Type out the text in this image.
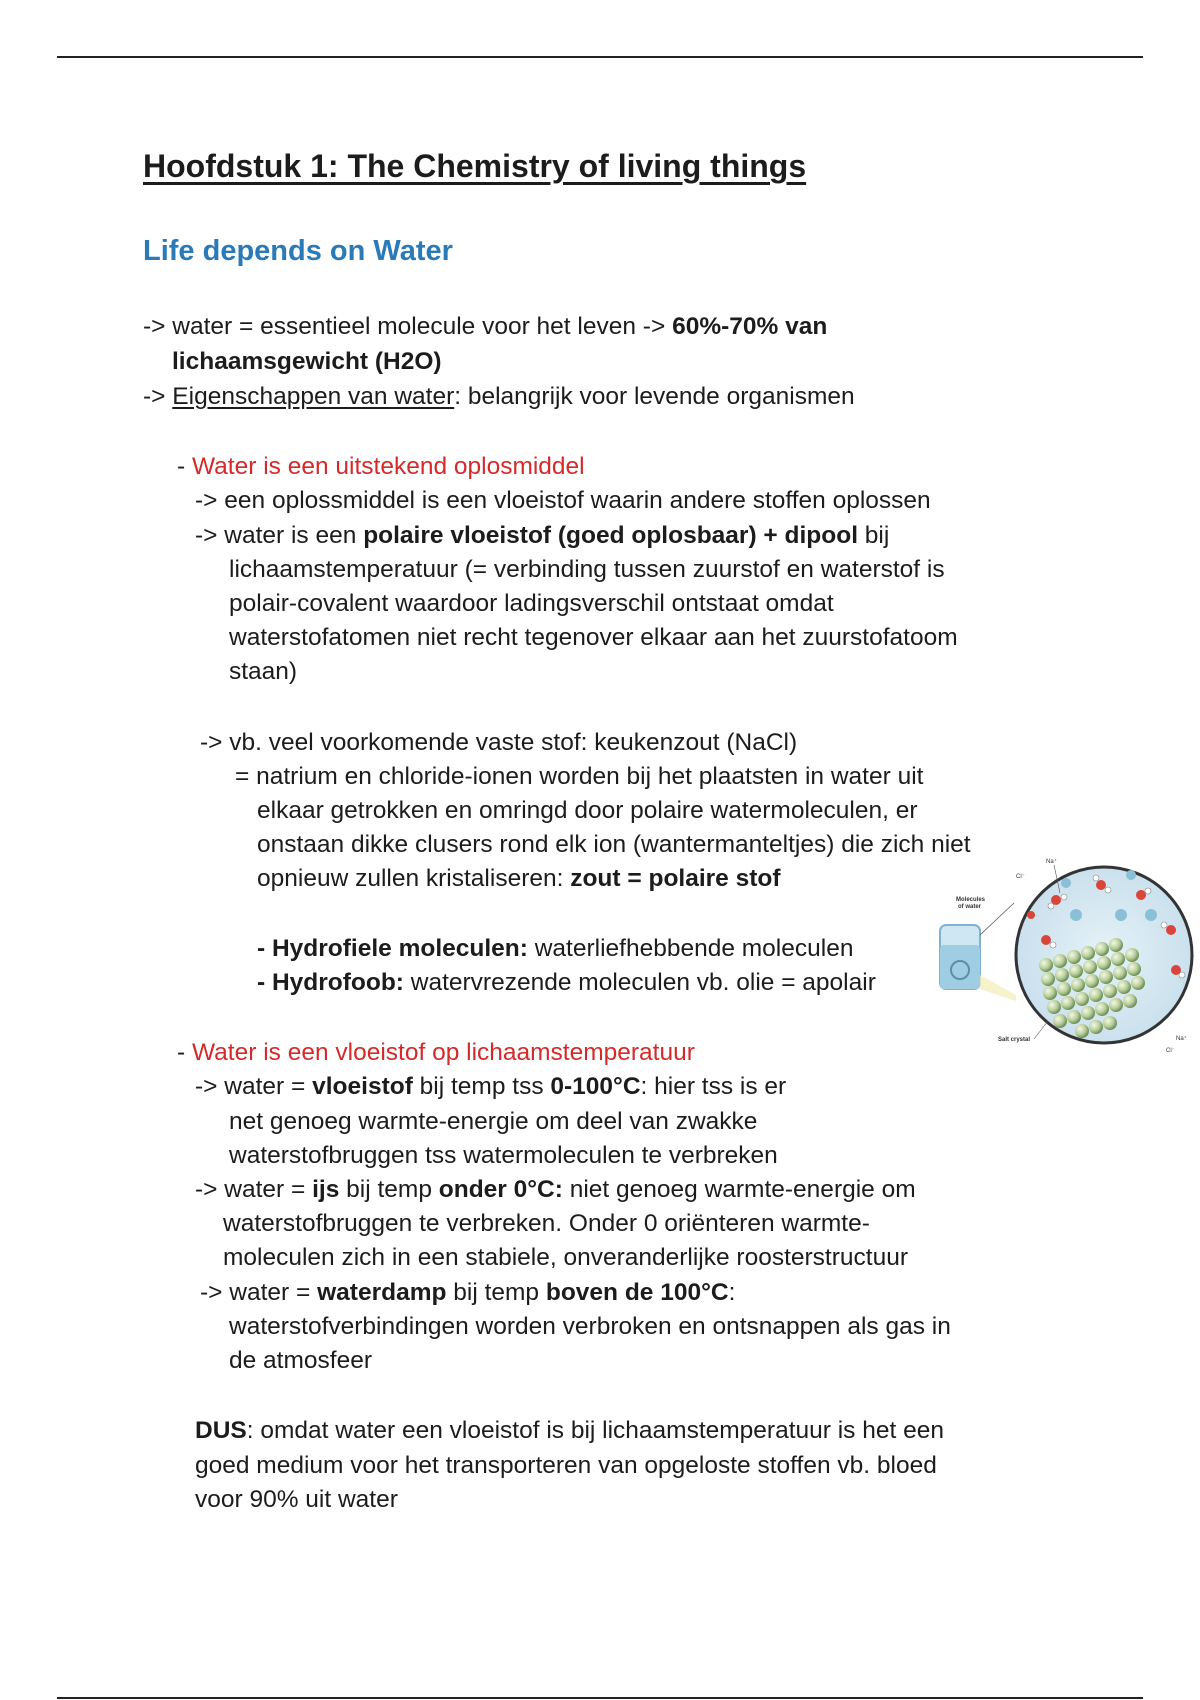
Hoofdstuk 1: The Chemistry of living things
Life depends on Water
-> water = essentieel molecule voor het leven -> 60%-70% van
lichaamsgewicht (H2O)
-> Eigenschappen van water: belangrijk voor levende organismen
- Water is een uitstekend oplosmiddel
-> een oplossmiddel is een vloeistof waarin andere stoffen oplossen
-> water is een polaire vloeistof (goed oplosbaar) + dipool bij
lichaamstemperatuur (= verbinding tussen zuurstof en waterstof is
polair-covalent waardoor ladingsverschil ontstaat omdat
waterstofatomen niet recht tegenover elkaar aan het zuurstofatoom
staan)
-> vb. veel voorkomende vaste stof: keukenzout (NaCl)
= natrium en chloride-ionen worden bij het plaatsten in water uit
elkaar getrokken en omringd door polaire watermoleculen, er
onstaan dikke clusers rond elk ion (wantermanteltjes) die zich niet
opnieuw zullen kristaliseren: zout = polaire stof
- Hydrofiele moleculen: waterliefhebbende moleculen
- Hydrofoob: watervrezende moleculen vb. olie = apolair
Molecules
of water
Salt crystal
Cl⁻
Na⁺
Na⁺
Cl⁻
- Water is een vloeistof op lichaamstemperatuur
-> water = vloeistof bij temp tss 0-100°C: hier tss is er
net genoeg warmte-energie om deel van zwakke
waterstofbruggen tss watermoleculen te verbreken
-> water = ijs bij temp onder 0°C: niet genoeg warmte-energie om
waterstofbruggen te verbreken. Onder 0 oriënteren warmte-
moleculen zich in een stabiele, onveranderlijke roosterstructuur
-> water = waterdamp bij temp boven de 100°C:
waterstofverbindingen worden verbroken en ontsnappen als gas in
de atmosfeer
DUS: omdat water een vloeistof is bij lichaamstemperatuur is het een
goed medium voor het transporteren van opgeloste stoffen vb. bloed
voor 90% uit water
